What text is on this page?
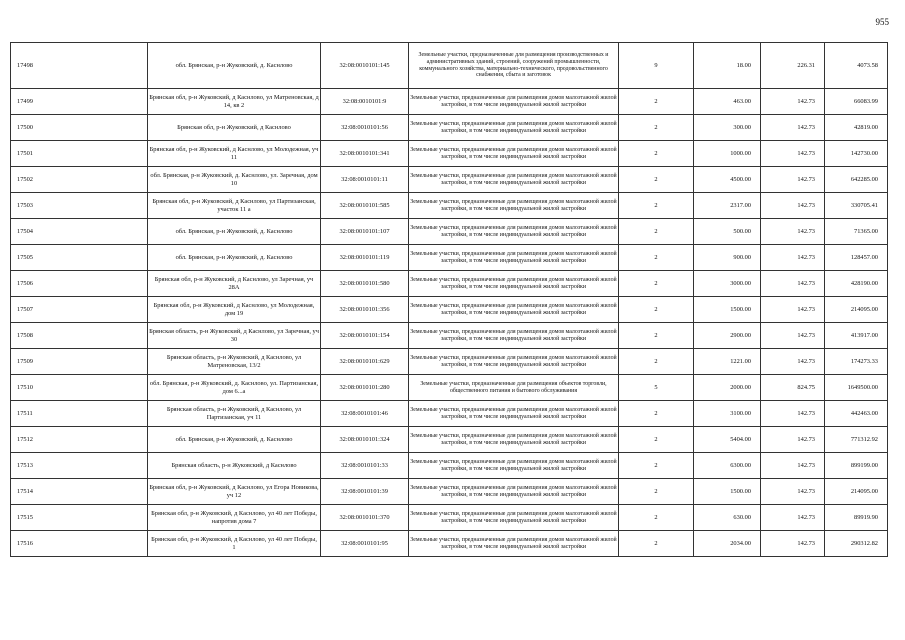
955
17498	обл. Брянская, р-н Жуковский, д. Каснлово	32:08:0010101:145	Земельные участки, предназначенные для размещения производственных и административных зданий, строений, сооружений промышленности, коммунального хозяйства, материально-технического, продовольственного снабжения, сбыта и заготовок	9	18.00	226.31	4073.58
17499	Брянская обл, р-н Жуковский, д Каснлово, ул Матреновская, д 14, кв 2	32:08:0010101:9	Земельные участки, предназначенные для размещения домов малоэтажной жилой застройки, в том числе индивидуальной жилой застройки	2	463.00	142.73	66083.99
17500	Брянская обл, р-н Жуковский, д Каснлово	32:08:0010101:56	Земельные участки, предназначенные для размещения домов малоэтажной жилой застройки, в том числе индивидуальной жилой застройки	2	300.00	142.73	42819.00
17501	Брянская обл, р-н Жуковский, д Каснлово, ул Молодежная, уч 11	32:08:0010101:341	Земельные участки, предназначенные для размещения домов малоэтажной жилой застройки, в том числе индивидуальной жилой застройки	2	1000.00	142.73	142730.00
17502	обл. Брянская, р-н Жуковский, д. Каснлово, ул. Заречная, дом 10	32:08:0010101:11	Земельные участки, предназначенные для размещения домов малоэтажной жилой застройки, в том числе индивидуальной жилой застройки	2	4500.00	142.73	642285.00
17503	Брянская обл, р-н Жуковский, д Каснлово, ул Партизанская, участок 11 а	32:08:0010101:585	Земельные участки, предназначенные для размещения домов малоэтажной жилой застройки, в том числе индивидуальной жилой застройки	2	2317.00	142.73	330705.41
17504	обл. Брянская, р-н Жуковский, д. Каснлово	32:08:0010101:107	Земельные участки, предназначенные для размещения домов малоэтажной жилой застройки, в том числе индивидуальной жилой застройки	2	500.00	142.73	71365.00
17505	обл. Брянская, р-н Жуковский, д. Каснлово	32:08:0010101:119	Земельные участки, предназначенные для размещения домов малоэтажной жилой застройки, в том числе индивидуальной жилой застройки	2	900.00	142.73	128457.00
17506	Брянская обл, р-н Жуковский, д Каснлово, ул Заречная, уч 28А	32:08:0010101:580	Земельные участки, предназначенные для размещения домов малоэтажной жилой застройки, в том числе индивидуальной жилой застройки	2	3000.00	142.73	428190.00
17507	Брянская обл, р-н Жуковский, д Каснлово, ул Молодежная, дом 19	32:08:0010101:356	Земельные участки, предназначенные для размещения домов малоэтажной жилой застройки, в том числе индивидуальной жилой застройки	2	1500.00	142.73	214095.00
17508	Брянская область, р-н Жуковский, д Каснлово, ул Заречная, уч 30	32:08:0010101:154	Земельные участки, предназначенные для размещения домов малоэтажной жилой застройки, в том числе индивидуальной жилой застройки	2	2900.00	142.73	413917.00
17509	Брянская область, р-н Жуковский, д Каснлово, ул Матреновская, 13/2	32:08:0010101:629	Земельные участки, предназначенные для размещения домов малоэтажной жилой застройки, в том числе индивидуальной жилой застройки	2	1221.00	142.73	174273.33
17510	обл. Брянская, р-н Жуковский, д. Каснлово, ул. Партизанская, дом 6...а	32:08:0010101:280	Земельные участки, предназначенные для размещения объектов торговли, общественного питания и бытового обслуживания	5	2000.00	824.75	1649500.00
17511	Брянская область, р-н Жуковский, д Каснлово, ул Партизанская, уч 11	32:08:0010101:46	Земельные участки, предназначенные для размещения домов малоэтажной жилой застройки, в том числе индивидуальной жилой застройки	2	3100.00	142.73	442463.00
17512	обл. Брянская, р-н Жуковский, д. Каснлово	32:08:0010101:324	Земельные участки, предназначенные для размещения домов малоэтажной жилой застройки, в том числе индивидуальной жилой застройки	2	5404.00	142.73	771312.92
17513	Брянская область, р-н Жуковский, д Каснлово	32:08:0010101:33	Земельные участки, предназначенные для размещения домов малоэтажной жилой застройки, в том числе индивидуальной жилой застройки	2	6300.00	142.73	899199.00
17514	Брянская обл, р-н Жуковский, д Каснлово, ул Егора Новикова, уч 12	32:08:0010101:39	Земельные участки, предназначенные для размещения домов малоэтажной жилой застройки, в том числе индивидуальной жилой застройки	2	1500.00	142.73	214095.00
17515	Брянская обл, р-н Жуковский, д Каснлово, ул 40 лет Победы, напротив дома 7	32:08:0010101:370	Земельные участки, предназначенные для размещения домов малоэтажной жилой застройки, в том числе индивидуальной жилой застройки	2	630.00	142.73	89919.90
17516	Брянская обл, р-н Жуковский, д Каснлово, ул 40 лет Победы, 1	32:08:0010101:95	Земельные участки, предназначенные для размещения домов малоэтажной жилой застройки, в том числе индивидуальной жилой застройки	2	2034.00	142.73	290312.82
